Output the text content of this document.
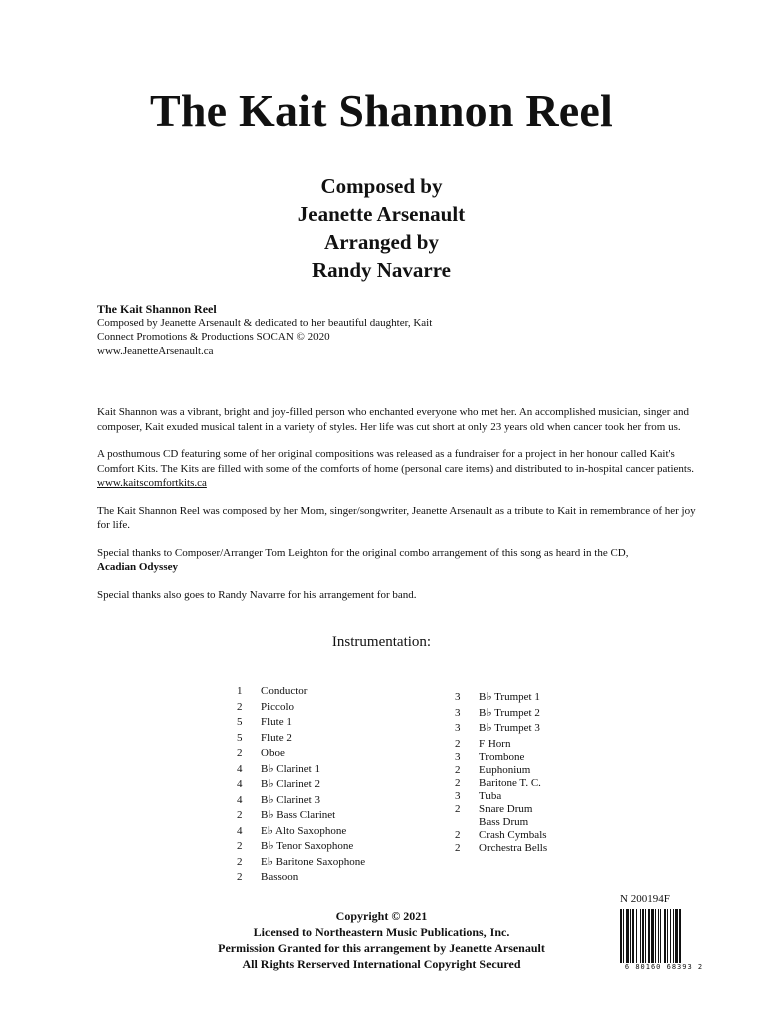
The Kait Shannon Reel
Composed by
Jeanette Arsenault
Arranged by
Randy Navarre
The Kait Shannon Reel
Composed by Jeanette Arsenault & dedicated to her beautiful daughter, Kait
Connect Promotions & Productions SOCAN © 2020
www.JeanetteArsenault.ca

Kait Shannon was a vibrant, bright and joy-filled person who enchanted everyone who met her. An accomplished musician, singer and composer, Kait exuded musical talent in a variety of styles. Her life was cut short at only 23 years old when cancer took her from us.

A posthumous CD featuring some of her original compositions was released as a fundraiser for a project in her honour called Kait's Comfort Kits. The Kits are filled with some of the comforts of home (personal care items) and distributed to in-hospital cancer patients. www.kaitscomfortkits.ca

The Kait Shannon Reel was composed by her Mom, singer/songwriter, Jeanette Arsenault as a tribute to Kait in remembrance of her joy for life.

Special thanks to Composer/Arranger Tom Leighton for the original combo arrangement of this song as heard in the CD,
Acadian Odyssey

Special thanks also goes to Randy Navarre for his arrangement for band.

Instrumentation:
1	Conductor
2	Piccolo
5	Flute 1
5	Flute 2
2	Oboe
4	B♭ Clarinet 1
4	B♭ Clarinet 2
4	B♭ Clarinet 3
2	B♭ Bass Clarinet
4	E♭ Alto Saxophone
2	B♭ Tenor Saxophone
2	E♭ Baritone Saxophone
2	Bassoon
3	B♭ Trumpet 1
3	B♭ Trumpet 2
3	B♭ Trumpet 3
2	F Horn
3	Trombone
2	Euphonium
2	Baritone T. C.
3	Tuba
2	Snare Drum
Bass Drum
2	Crash Cymbals
2	Orchestra Bells
N 200194F
6 80160 68393 2
Copyright © 2021
Licensed to Northeastern Music Publications, Inc.
Permission Granted for this arrangement by Jeanette Arsenault
All Rights Rerserved International Copyright Secured
